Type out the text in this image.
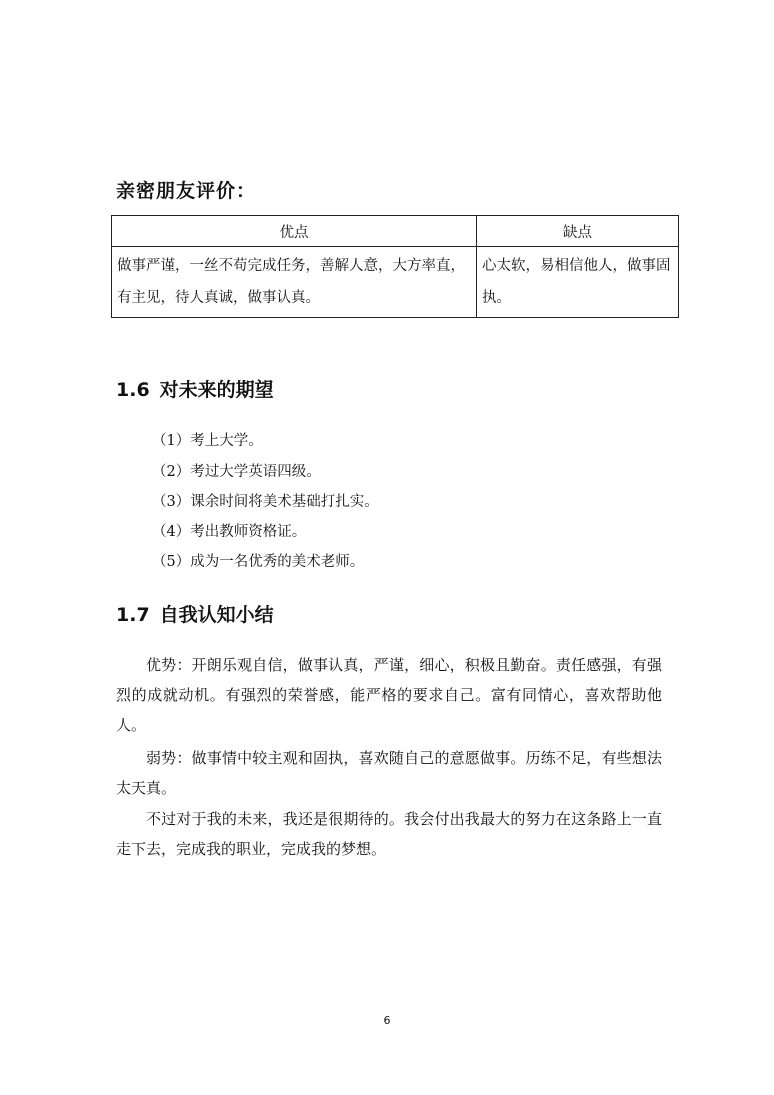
亲密朋友评价：
优点	缺点
做事严谨，一丝不苟完成任务，善解人意，大方率直，有主见，待人真诚，做事认真。	心太软，易相信他人，做事固执。
1.6 对未来的期望
（1）考上大学。
（2）考过大学英语四级。
（3）课余时间将美术基础打扎实。
（4）考出教师资格证。
（5）成为一名优秀的美术老师。
1.7 自我认知小结

优势：开朗乐观自信，做事认真，严谨，细心，积极且勤奋。责任感强，有强烈的成就动机。有强烈的荣誉感，能严格的要求自己。富有同情心，喜欢帮助他人。

弱势：做事情中较主观和固执，喜欢随自己的意愿做事。历练不足，有些想法太天真。

不过对于我的未来，我还是很期待的。我会付出我最大的努力在这条路上一直走下去，完成我的职业，完成我的梦想。

6
